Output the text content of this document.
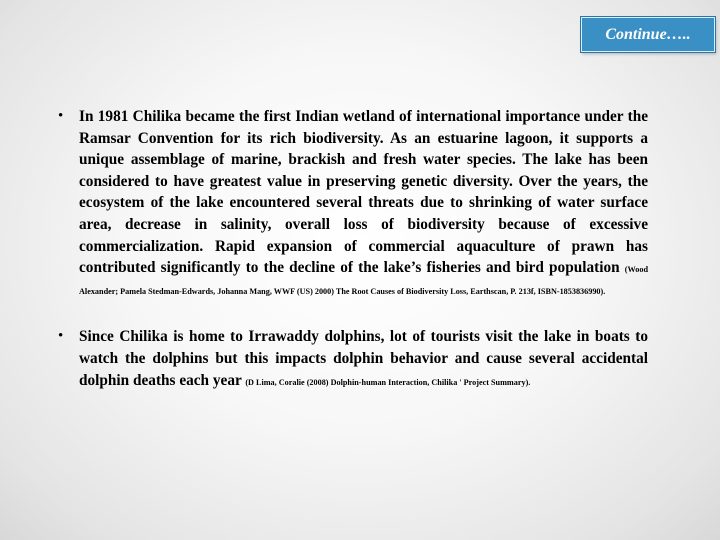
Continue…..
• In 1981 Chilika became the first Indian wetland of international importance under the Ramsar Convention for its rich biodiversity. As an estuarine lagoon, it supports a unique assemblage of marine, brackish and fresh water species. The lake has been considered to have greatest value in preserving genetic diversity. Over the years, the ecosystem of the lake encountered several threats due to shrinking of water surface area, decrease in salinity, overall loss of biodiversity because of excessive commercialization. Rapid expansion of commercial aquaculture of prawn has contributed significantly to the decline of the lake’s fisheries and bird population (Wood Alexander; Pamela Stedman-Edwards, Johanna Mang, WWF (US) 2000) The Root Causes of Biodiversity Loss, Earthscan, P. 213f, ISBN-1853836990).
• Since Chilika is home to Irrawaddy dolphins, lot of tourists visit the lake in boats to watch the dolphins but this impacts dolphin behavior and cause several accidental dolphin deaths each year (D Lima, Coralie (2008) Dolphin-human Interaction, Chilika ' Project Summary).
